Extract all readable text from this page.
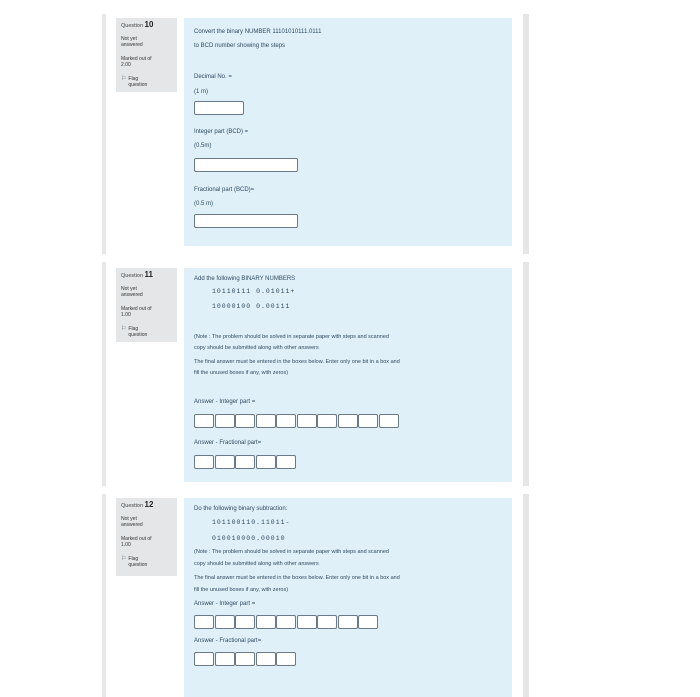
Question 10
Not yet
answered
Marked out of
2.00
⚐ Flag
question
Convert the binary NUMBER 11101010111.0111
to BCD number showing the steps
Decimal No. =
(1 m)
Integer part (BCD) =
(0.5m)
Fractional part (BCD)=
(0.5 m)
Question 11
Not yet
answered
Marked out of
1.00
⚐ Flag
question
Add the following BINARY NUMBERS
10110111 0.01011+
10000100 0.00111
(Note : The problem should be solved in separate paper with steps and scanned
copy should be submitted along with other answers
The final answer must be entered in the boxes below. Enter only one bit in a box and
fill the unused boxes if any, with zeros)
Answer - Integer part =
Answer - Fractional part=
Question 12
Not yet
answered
Marked out of
1.00
⚐ Flag
question
Do the following binary subtraction:
101100110.11011-
010010000.00010
(Note : The problem should be solved in separate paper with steps and scanned
copy should be submitted along with other answers
The final answer must be entered in the boxes below. Enter only one bit in a box and
fill the unused boxes if any, with zeros)
Answer - Integer part =
Answer - Fractional part=
